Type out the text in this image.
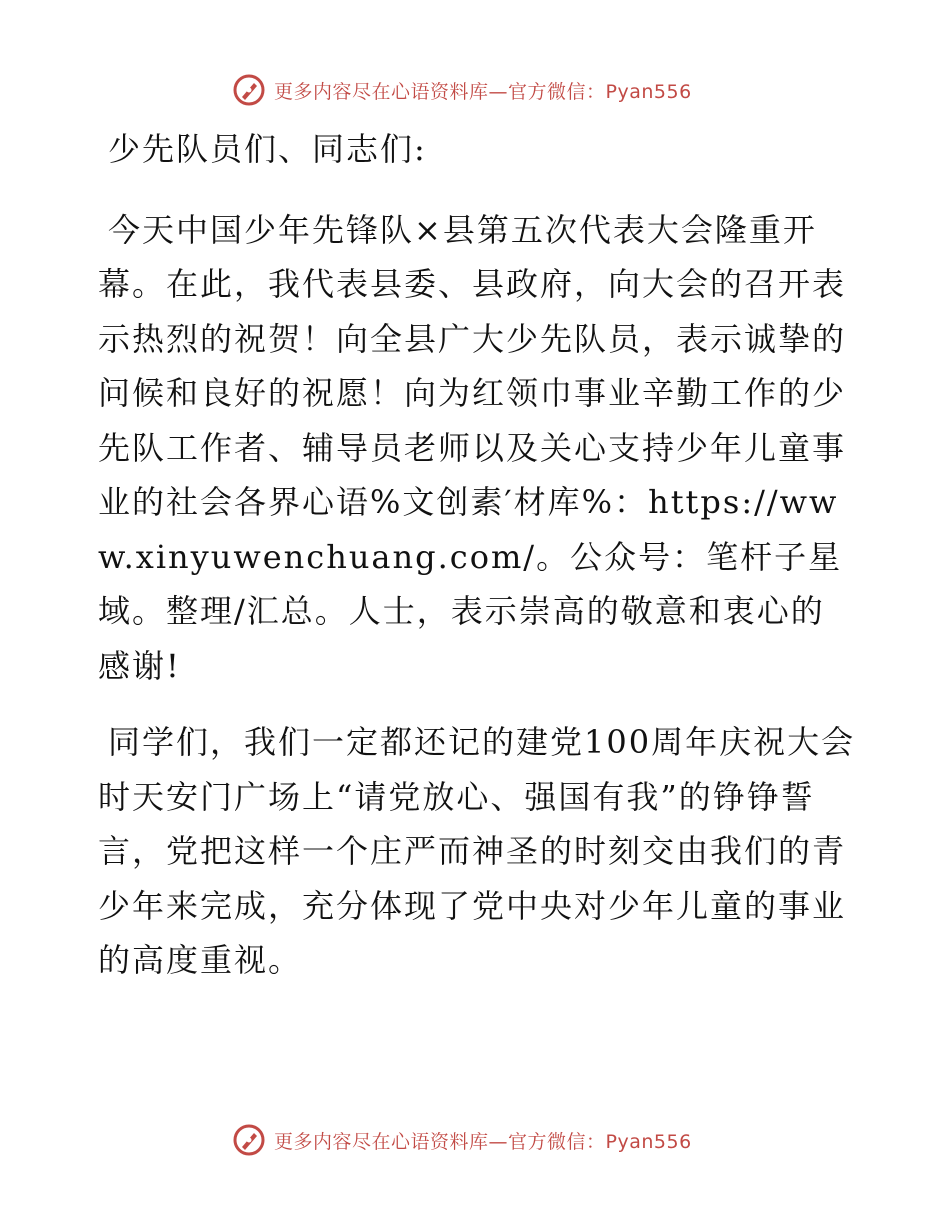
更多内容尽在心语资料库—官方微信：Pyan556

少先队员们、同志们:

今天中国少年先锋队×县第五次代表大会隆重开幕。在此，我代表县委、县政府，向大会的召开表示热烈的祝贺！向全县广大少先队员，表示诚挚的问候和良好的祝愿！向为红领巾事业辛勤工作的少先队工作者、辅导员老师以及关心支持少年儿童事业的社会各界心语%文创素′材库%：https://www.xinyuwenchuang.com/。公众号：笔杆子星域。整理/汇总。人士，表示崇高的敬意和衷心的感谢!

同学们，我们一定都还记的建党100周年庆祝大会时天安门广场上“请党放心、强国有我”的铮铮誓言，党把这样一个庄严而神圣的时刻交由我们的青少年来完成，充分体现了党中央对少年儿童的事业的高度重视。

更多内容尽在心语资料库—官方微信：Pyan556
